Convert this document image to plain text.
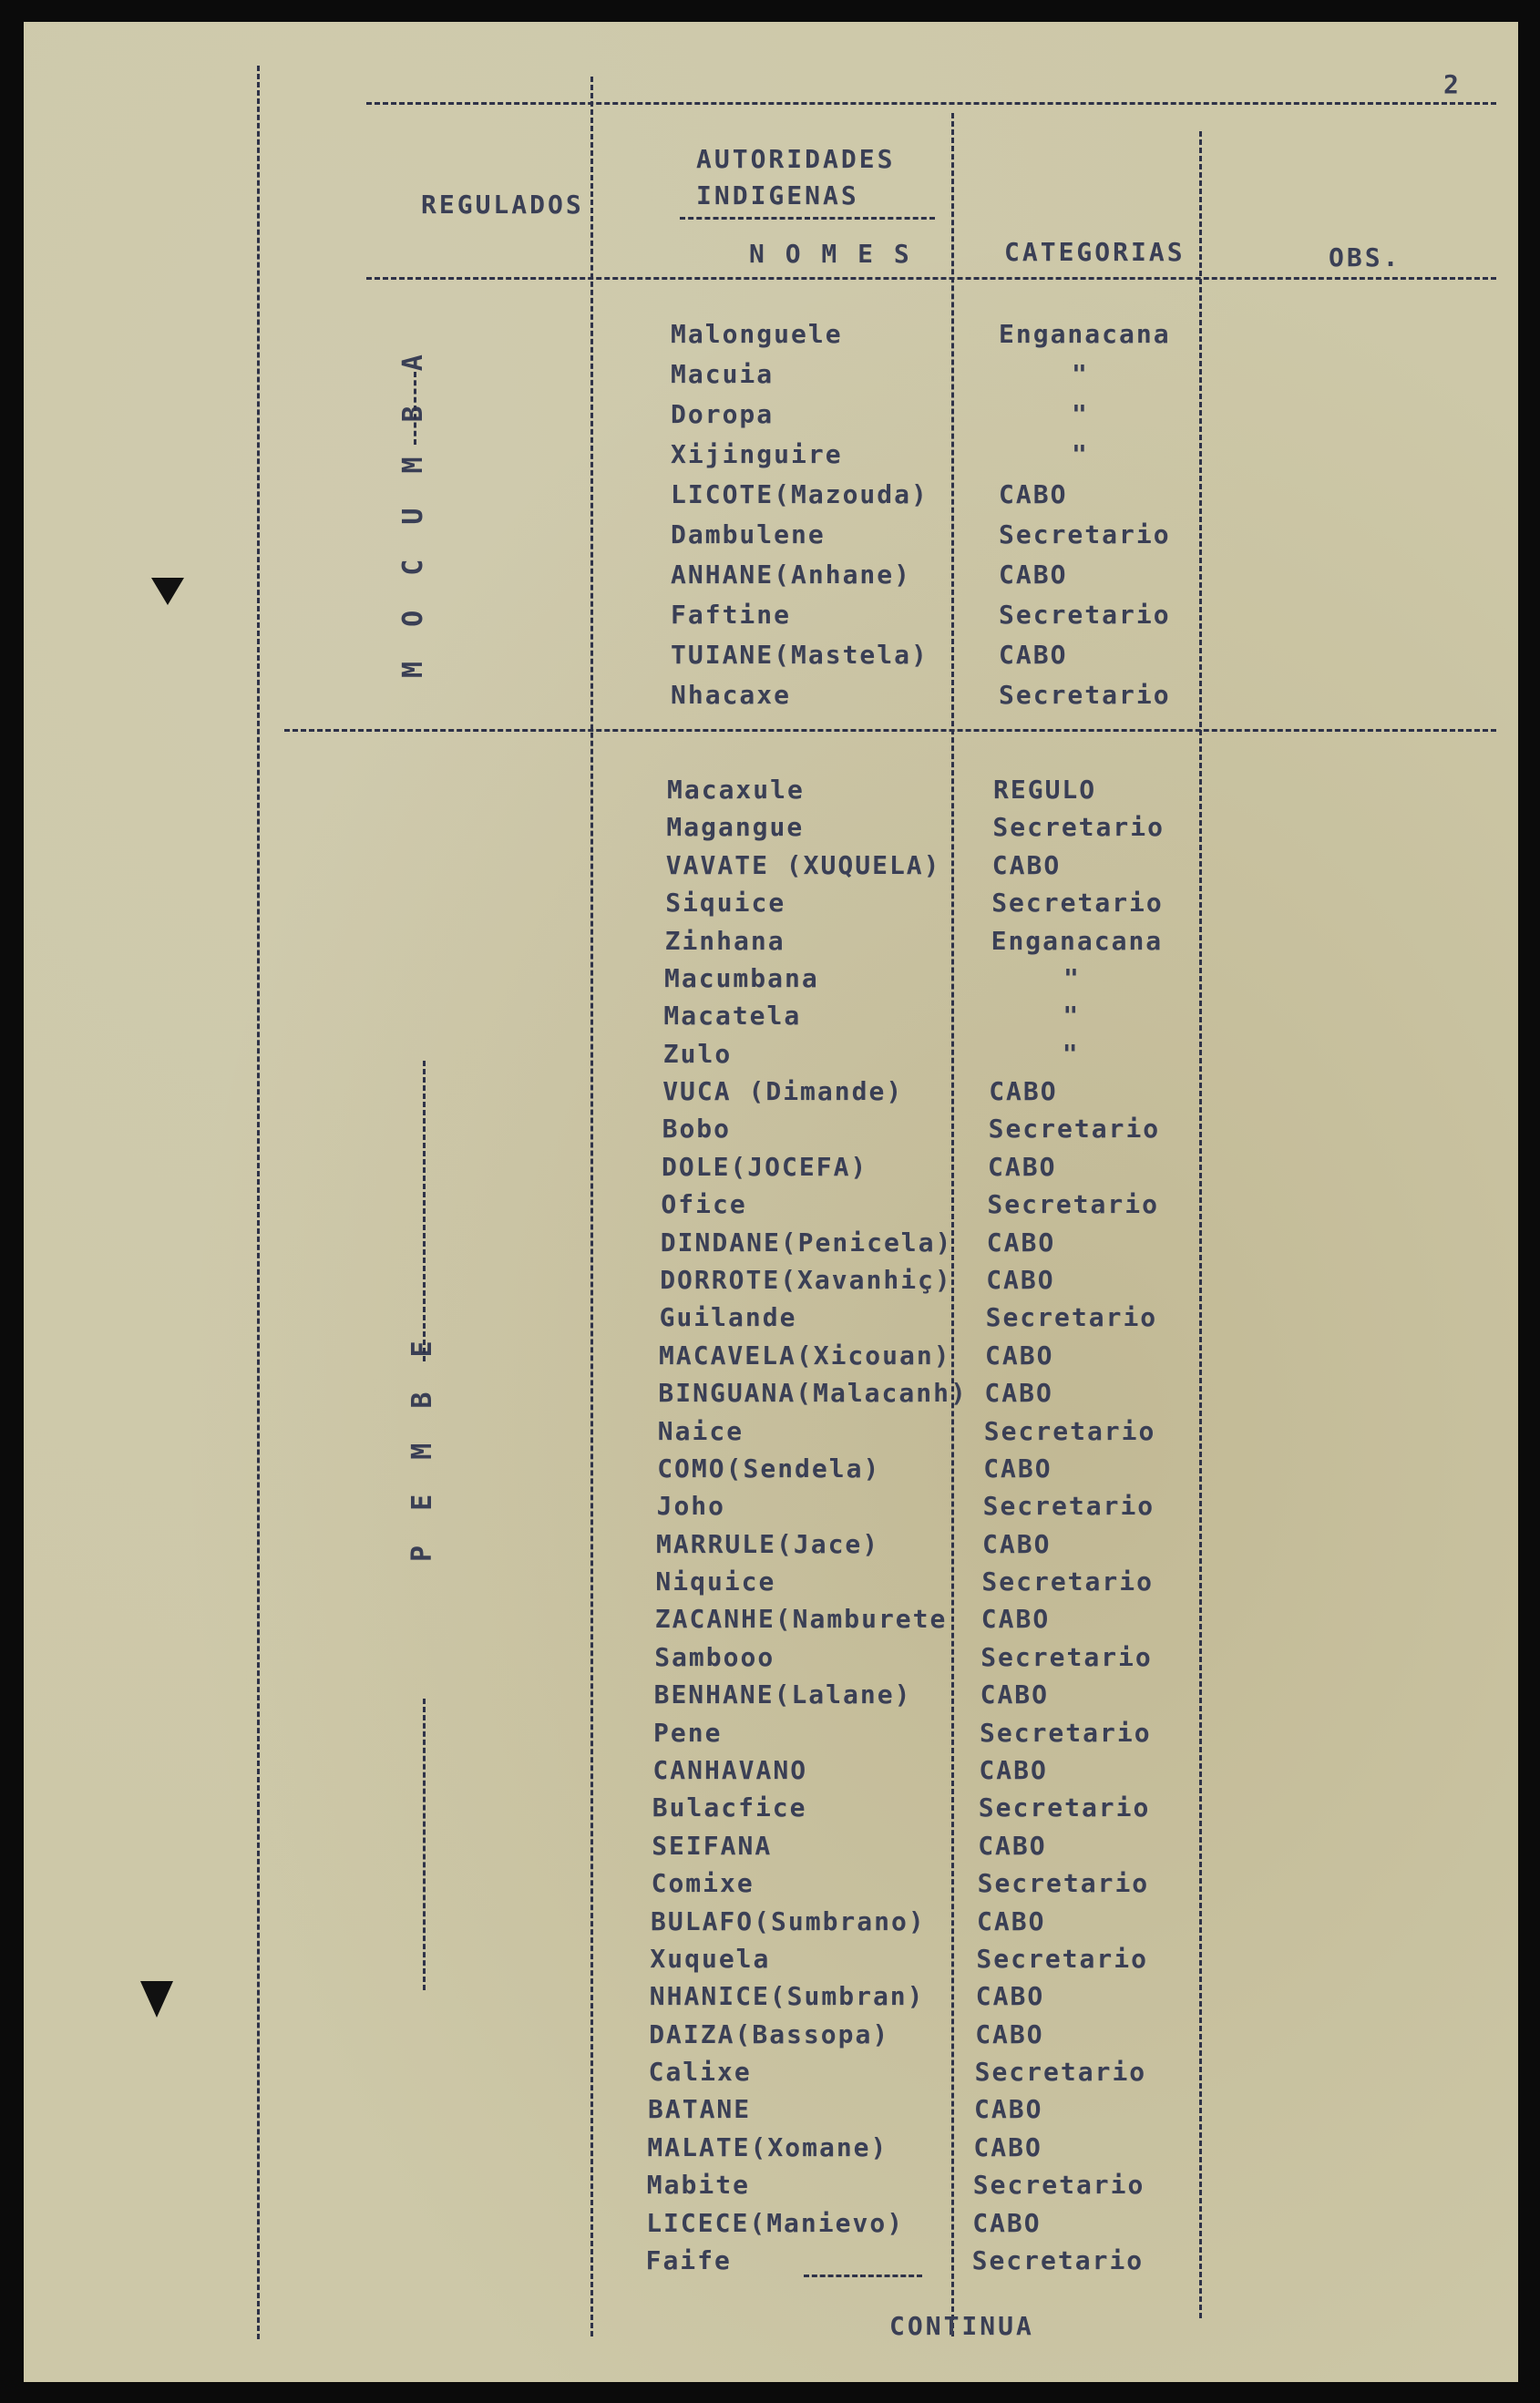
2
REGULADOS
AUTORIDADES
INDIGENAS
N O M E S	CATEGORIAS	OBS.
M O C U M B A
P E M B E
Malonguele	Enganacana
Macuia	"
Doropa	"
Xijinguire	"
LICOTE(Mazouda)	CABO
Dambulene	Secretario
ANHANE(Anhane)	CABO
Faftine	Secretario
TUIANE(Mastela)	CABO
Nhacaxe	Secretario
Macaxule	REGULO
Magangue	Secretario
VAVATE (XUQUELA) CABO
Siquice	Secretario
Zinhana	Enganacana
Macumbana	"
Macatela	"
Zulo	"
VUCA (Dimande)	CABO
Bobo	Secretario
DOLE(JOCEFA)	CABO
Ofice	Secretario
DINDANE(Penicela) CABO
DORROTE(Xavanhiç) CABO
Guilande	Secretario
MACAVELA(Xicouan) CABO
BINGUANA(Malacanh) CABO
Naice	Secretario
COMO(Sendela)	CABO
Joho	Secretario
MARRULE(Jace)	CABO
Niquice	Secretario
ZACANHE(Namburete CABO
Sambooo	Secretario
BENHANE(Lalane)	CABO
Pene	Secretario
CANHAVANO	CABO
Bulacfice	Secretario
SEIFANA	CABO
Comixe	Secretario
BULAFO(Sumbrano) CABO
Xuquela	Secretario
NHANICE(Sumbran) CABO
DAIZA(Bassopa)	CABO
Calixe	Secretario
BATANE	CABO
MALATE(Xomane)	CABO
Mabite	Secretario
LICECE(Manievo)	CABO
Faife	Secretario
CONTINUA
